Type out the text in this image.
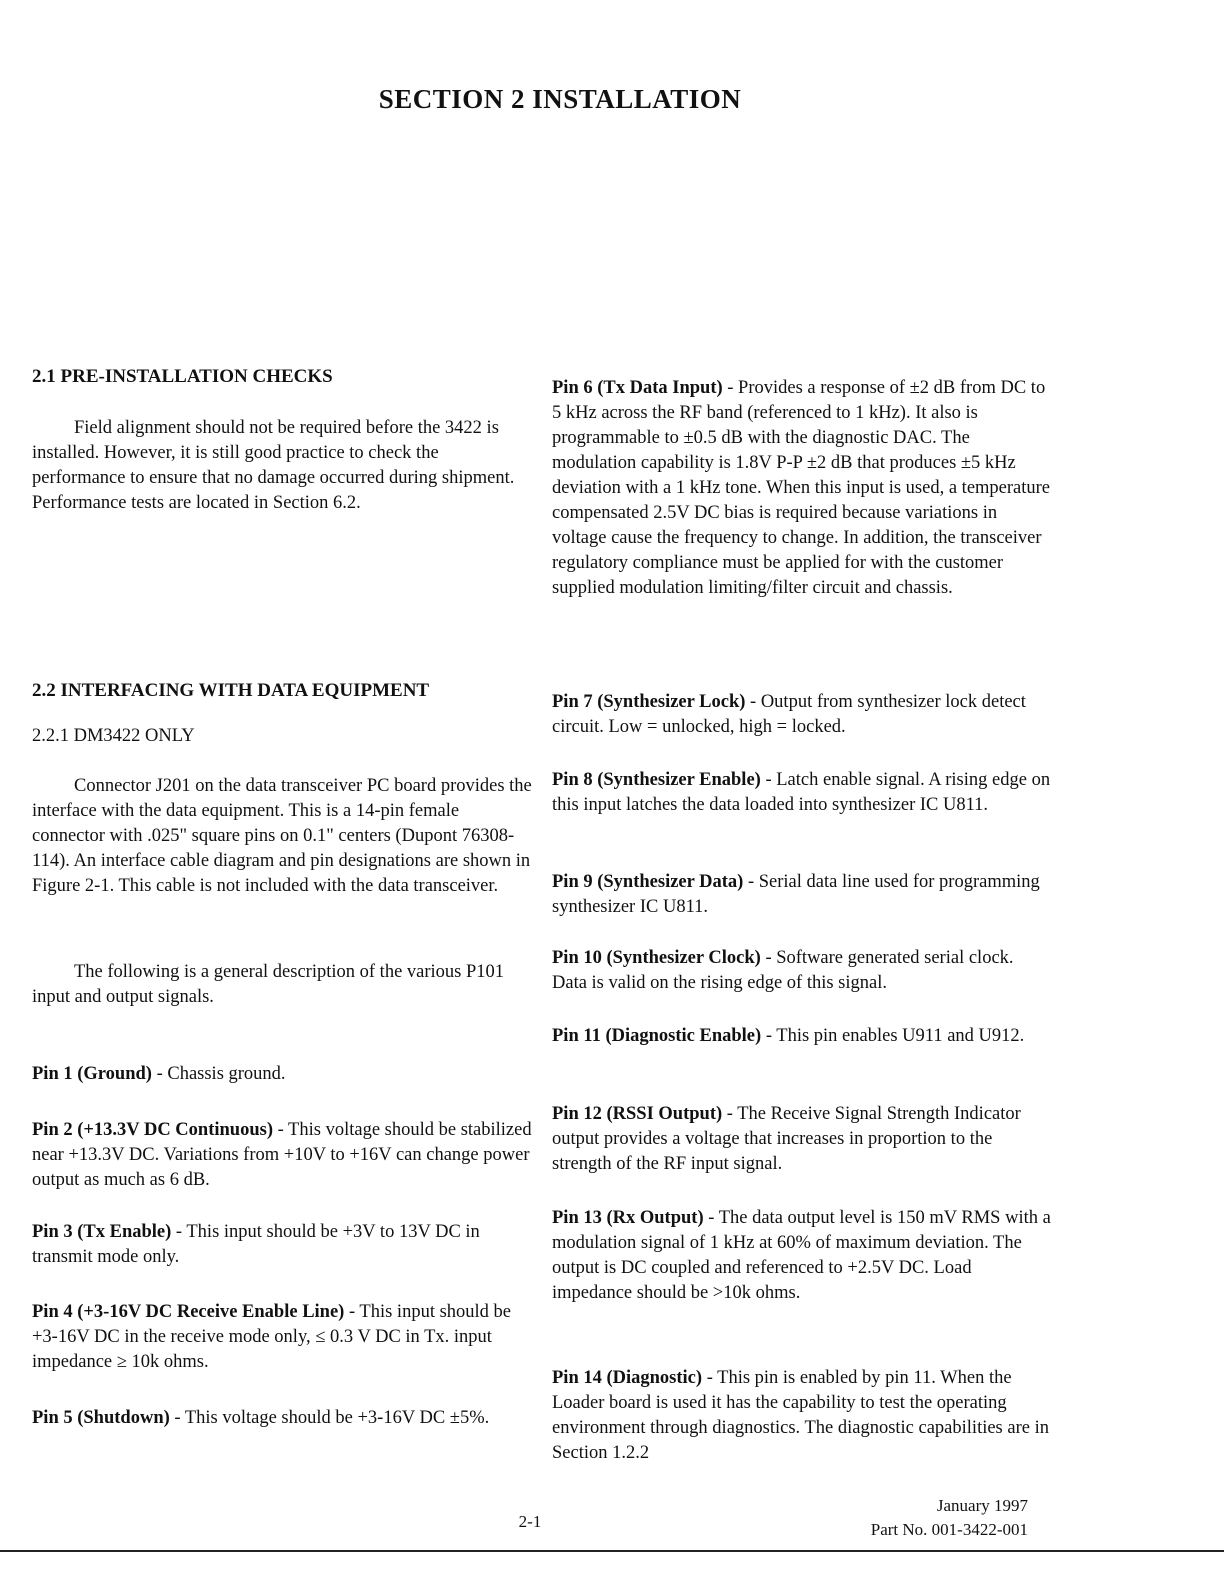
SECTION 2 INSTALLATION

2.1 PRE-INSTALLATION CHECKS

Field alignment should not be required before the 3422 is installed. However, it is still good practice to check the performance to ensure that no damage occurred during shipment. Performance tests are located in Section 6.2.

2.2 INTERFACING WITH DATA EQUIPMENT

2.2.1 DM3422 ONLY

Connector J201 on the data transceiver PC board provides the interface with the data equipment. This is a 14-pin female connector with .025" square pins on 0.1" centers (Dupont 76308-114). An interface cable diagram and pin designations are shown in Figure 2-1. This cable is not included with the data transceiver.

The following is a general description of the various P101 input and output signals.

Pin 1 (Ground) - Chassis ground.

Pin 2 (+13.3V DC Continuous) - This voltage should be stabilized near +13.3V DC. Variations from +10V to +16V can change power output as much as 6 dB.

Pin 3 (Tx Enable) - This input should be +3V to 13V DC in transmit mode only.

Pin 4 (+3-16V DC Receive Enable Line) - This input should be +3-16V DC in the receive mode only, ≤ 0.3 V DC in Tx. input impedance ≥ 10k ohms.

Pin 5 (Shutdown) - This voltage should be +3-16V DC ±5%.

Pin 6 (Tx Data Input) - Provides a response of ±2 dB from DC to 5 kHz across the RF band (referenced to 1 kHz). It also is programmable to ±0.5 dB with the diagnostic DAC. The modulation capability is 1.8V P-P ±2 dB that produces ±5 kHz deviation with a 1 kHz tone. When this input is used, a temperature compensated 2.5V DC bias is required because variations in voltage cause the frequency to change. In addition, the transceiver regulatory compliance must be applied for with the customer supplied modulation limiting/filter circuit and chassis.

Pin 7 (Synthesizer Lock) - Output from synthesizer lock detect circuit. Low = unlocked, high = locked.

Pin 8 (Synthesizer Enable) - Latch enable signal. A rising edge on this input latches the data loaded into synthesizer IC U811.

Pin 9 (Synthesizer Data) - Serial data line used for programming synthesizer IC U811.

Pin 10 (Synthesizer Clock) - Software generated serial clock. Data is valid on the rising edge of this signal.

Pin 11 (Diagnostic Enable) - This pin enables U911 and U912.

Pin 12 (RSSI Output) - The Receive Signal Strength Indicator output provides a voltage that increases in proportion to the strength of the RF input signal.

Pin 13 (Rx Output) - The data output level is 150 mV RMS with a modulation signal of 1 kHz at 60% of maximum deviation. The output is DC coupled and referenced to +2.5V DC. Load impedance should be >10k ohms.

Pin 14 (Diagnostic) - This pin is enabled by pin 11. When the Loader board is used it has the capability to test the operating environment through diagnostics. The diagnostic capabilities are in Section 1.2.2

2-1
January 1997
Part No. 001-3422-001
